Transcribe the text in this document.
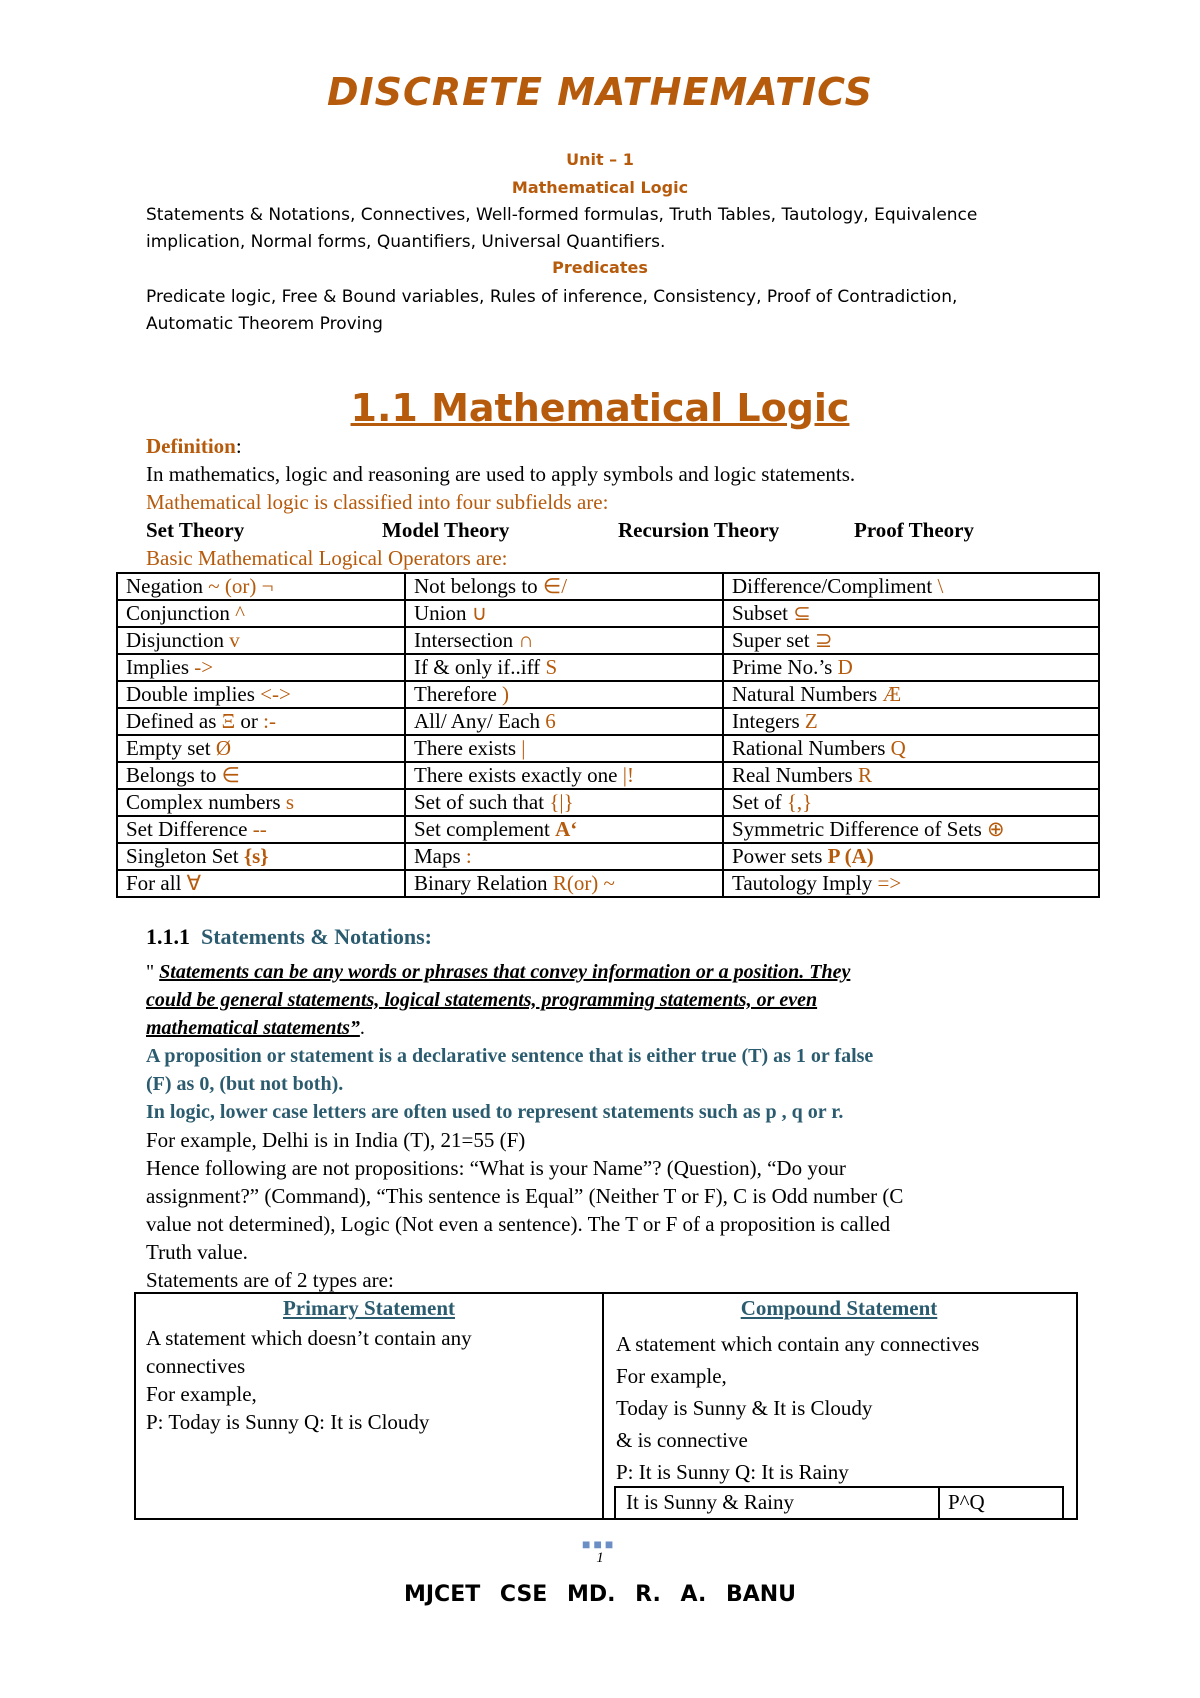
DISCRETE MATHEMATICS
Unit – 1
Mathematical Logic
Statements & Notations, Connectives, Well-formed formulas, Truth Tables, Tautology, Equivalence
implication, Normal forms, Quantifiers, Universal Quantifiers.
Predicates
Predicate logic, Free & Bound variables, Rules of inference, Consistency, Proof of Contradiction,
Automatic Theorem Proving
1.1 Mathematical Logic
Definition:
In mathematics, logic and reasoning are used to apply symbols and logic statements.
Mathematical logic is classified into four subfields are:
Set Theory	Model Theory	Recursion Theory	Proof Theory
Basic Mathematical Logical Operators are:
Negation ~ (or) ¬	Not belongs to ∈/	Difference/Compliment \
Conjunction ^	Union ∪	Subset ⊆
Disjunction v	Intersection ∩	Super set ⊇
Implies ->	If & only if..iff S	Prime No.’s D
Double implies <->	Therefore )	Natural Numbers Æ
Defined as Ξ or :-	All/ Any/ Each 6	Integers Z
Empty set Ø	There exists |	Rational Numbers Q
Belongs to ∈	There exists exactly one |!	Real Numbers R
Complex numbers s	Set of such that {|}	Set of {,}
Set Difference --	Set complement A‘	Symmetric Difference of Sets ⊕
Singleton Set {s}	Maps :	Power sets P (A)
For all ∀	Binary Relation R(or) ~	Tautology Imply =>
1.1.1 Statements & Notations:
" Statements can be any words or phrases that convey information or a position. They
could be general statements, logical statements, programming statements, or even
mathematical statements”.
A proposition or statement is a declarative sentence that is either true (T) as 1 or false
(F) as 0, (but not both).
In logic, lower case letters are often used to represent statements such as p , q or r.
For example, Delhi is in India (T), 21=55 (F)
Hence following are not propositions: “What is your Name”? (Question), “Do your
assignment?” (Command), “This sentence is Equal” (Neither T or F), C is Odd number (C
value not determined), Logic (Not even a sentence). The T or F of a proposition is called
Truth value.
Statements are of 2 types are:
Primary Statement
A statement which doesn’t contain any
connectives
For example,
P: Today is Sunny Q: It is Cloudy
Compound Statement
A statement which contain any connectives
For example,
Today is Sunny & It is Cloudy
& is connective
P: It is Sunny Q: It is Rainy
It is Sunny & Rainy	P^Q
■■■
1
MJCET CSE MD. R. A. BANU
